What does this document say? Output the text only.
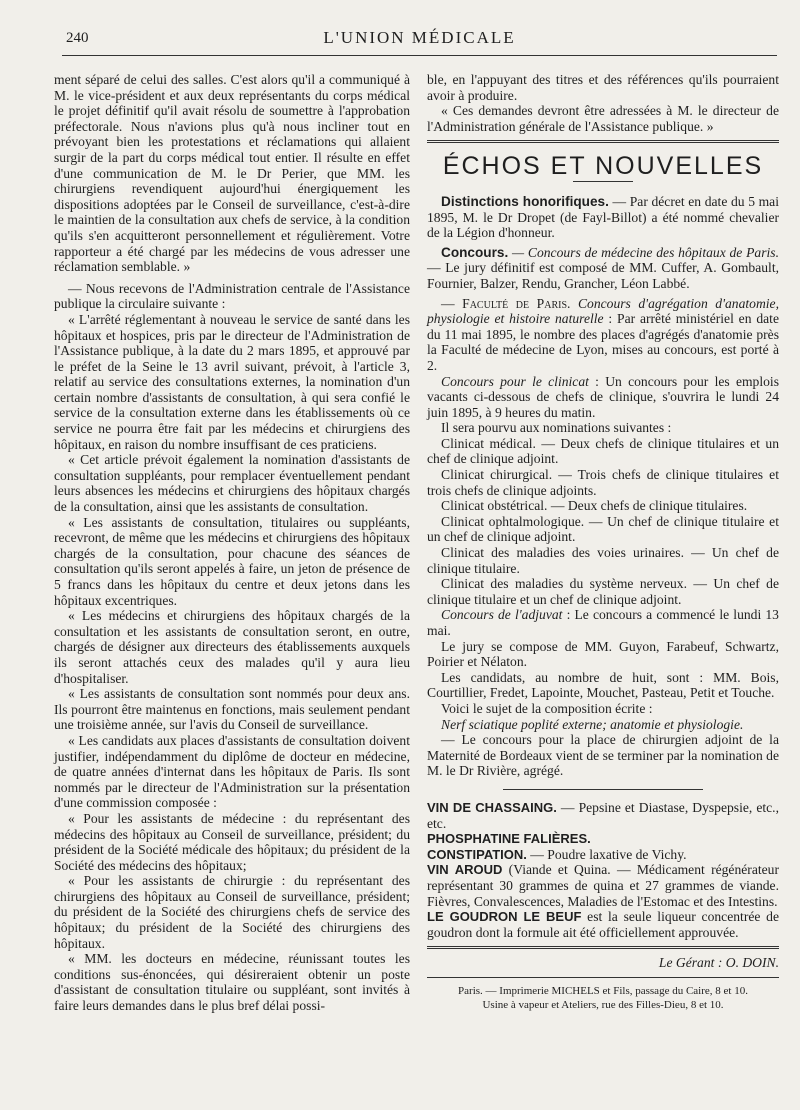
240	L'UNION MÉDICALE

ment séparé de celui des salles. C'est alors qu'il a communiqué à M. le vice-président et aux deux représentants du corps médical le projet définitif qu'il avait résolu de soumettre à l'approbation préfectorale. Nous n'avions plus qu'à nous incliner tout en prévoyant bien les protestations et réclamations qui allaient surgir de la part du corps médical tout entier. Il résulte en effet d'une communication de M. le Dr Perier, que MM. les chirurgiens revendiquent aujourd'hui énergiquement les dispositions adoptées par le Conseil de surveillance, c'est-à-dire le maintien de la consultation aux chefs de service, à la condition qu'ils s'en acquitteront personnellement et régulièrement. Votre rapporteur a été chargé par les médecins de vous adresser une réclamation semblable. »

— Nous recevons de l'Administration centrale de l'Assistance publique la circulaire suivante :

« L'arrêté réglementant à nouveau le service de santé dans les hôpitaux et hospices, pris par le directeur de l'Administration de l'Assistance publique, à la date du 2 mars 1895, et approuvé par le préfet de la Seine le 13 avril suivant, prévoit, à l'article 3, relatif au service des consultations externes, la nomination d'un certain nombre d'assistants de consultation, à qui sera confié le service de la consultation externe dans les établissements où ce service ne pourra être fait par les médecins et chirurgiens des hôpitaux, en raison du nombre insuffisant de ces praticiens.

« Cet article prévoit également la nomination d'assistants de consultation suppléants, pour remplacer éventuellement pendant leurs absences les médecins et chirurgiens des hôpitaux chargés de la consultation, ainsi que les assistants de consultation.

« Les assistants de consultation, titulaires ou suppléants, recevront, de même que les médecins et chirurgiens des hôpitaux chargés de la consultation, pour chacune des séances de consultation qu'ils seront appelés à faire, un jeton de présence de 5 francs dans les hôpitaux du centre et deux jetons dans les hôpitaux excentriques.

« Les médecins et chirurgiens des hôpitaux chargés de la consultation et les assistants de consultation seront, en outre, chargés de désigner aux directeurs des établissements auxquels ils seront attachés ceux des malades qu'il y aura lieu d'hospitaliser.

« Les assistants de consultation sont nommés pour deux ans. Ils pourront être maintenus en fonctions, mais seulement pendant une troisième année, sur l'avis du Conseil de surveillance.

« Les candidats aux places d'assistants de consultation doivent justifier, indépendamment du diplôme de docteur en médecine, de quatre années d'internat dans les hôpitaux de Paris. Ils sont nommés par le directeur de l'Administration sur la présentation d'une commission composée :

« Pour les assistants de médecine : du représentant des médecins des hôpitaux au Conseil de surveillance, président; du président de la Société médicale des hôpitaux; du président de la Société des médecins des hôpitaux;

« Pour les assistants de chirurgie : du représentant des chirurgiens des hôpitaux au Conseil de surveillance, président; du président de la Société des chirurgiens chefs de service des hôpitaux; du président de la Société des chirurgiens des hôpitaux.

« MM. les docteurs en médecine, réunissant toutes les conditions sus-énoncées, qui désireraient obtenir un poste d'assistant de consultation titulaire ou suppléant, sont invités à faire leurs demandes dans le plus bref délai possi-

ble, en l'appuyant des titres et des références qu'ils pourraient avoir à produire.

« Ces demandes devront être adressées à M. le directeur de l'Administration générale de l'Assistance publique. »

ÉCHOS ET NOUVELLES

Distinctions honorifiques. — Par décret en date du 5 mai 1895, M. le Dr Dropet (de Fayl-Billot) a été nommé chevalier de la Légion d'honneur.

Concours. — Concours de médecine des hôpitaux de Paris. — Le jury définitif est composé de MM. Cuffer, A. Gombault, Fournier, Balzer, Rendu, Grancher, Léon Labbé.

— Faculté de Paris. Concours d'agrégation d'anatomie, physiologie et histoire naturelle : Par arrêté ministériel en date du 11 mai 1895, le nombre des places d'agrégés d'anatomie près la Faculté de médecine de Lyon, mises au concours, est porté à 2.

Concours pour le clinicat : Un concours pour les emplois vacants ci-dessous de chefs de clinique, s'ouvrira le lundi 24 juin 1895, à 9 heures du matin.

Il sera pourvu aux nominations suivantes :

Clinicat médical. — Deux chefs de clinique titulaires et un chef de clinique adjoint.

Clinicat chirurgical. — Trois chefs de clinique titulaires et trois chefs de clinique adjoints.

Clinicat obstétrical. — Deux chefs de clinique titulaires.

Clinicat ophtalmologique. — Un chef de clinique titulaire et un chef de clinique adjoint.

Clinicat des maladies des voies urinaires. — Un chef de clinique titulaire.

Clinicat des maladies du système nerveux. — Un chef de clinique titulaire et un chef de clinique adjoint.

Concours de l'adjuvat : Le concours a commencé le lundi 13 mai.

Le jury se compose de MM. Guyon, Farabeuf, Schwartz, Poirier et Nélaton.

Les candidats, au nombre de huit, sont : MM. Bois, Courtillier, Fredet, Lapointe, Mouchet, Pasteau, Petit et Touche.

Voici le sujet de la composition écrite :

Nerf sciatique poplité externe; anatomie et physiologie.

— Le concours pour la place de chirurgien adjoint de la Maternité de Bordeaux vient de se terminer par la nomination de M. le Dr Rivière, agrégé.

VIN DE CHASSAING. — Pepsine et Diastase, Dyspepsie, etc., etc.

PHOSPHATINE FALIÈRES.

CONSTIPATION. — Poudre laxative de Vichy.

VIN AROUD (Viande et Quina. — Médicament régénérateur représentant 30 grammes de quina et 27 grammes de viande. Fièvres, Convalescences, Maladies de l'Estomac et des Intestins.

LE GOUDRON LE BEUF est la seule liqueur concentrée de goudron dont la formule ait été officiellement approuvée.

Le Gérant : O. DOIN.

Paris. — Imprimerie MICHELS et Fils, passage du Caire, 8 et 10.

Usine à vapeur et Ateliers, rue des Filles-Dieu, 8 et 10.
